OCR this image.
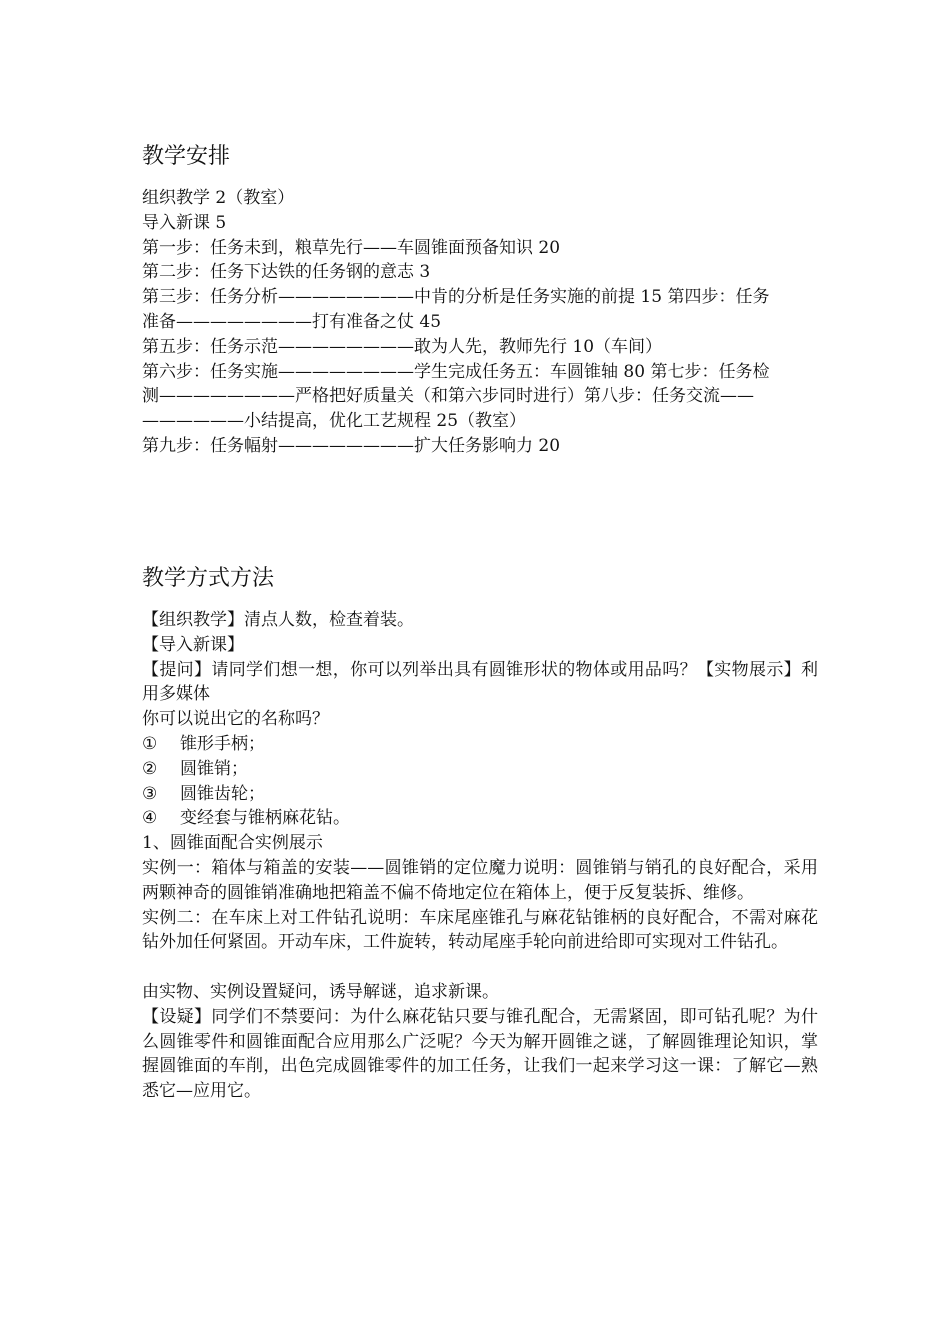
教学安排
组织教学 2（教室）
导入新课 5
第一步：任务未到，粮草先行——车圆锥面预备知识 20
第二步：任务下达铁的任务钢的意志 3
第三步：任务分析————————中肯的分析是任务实施的前提 15 第四步：任务
准备————————打有准备之仗 45
第五步：任务示范————————敢为人先，教师先行 10（车间）
第六步：任务实施————————学生完成任务五：车圆锥轴 80 第七步：任务检
测————————严格把好质量关（和第六步同时进行）第八步：任务交流——
——————小结提高，优化工艺规程 25（教室）
第九步：任务幅射————————扩大任务影响力 20
教学方式方法
【组织教学】清点人数，检查着装。
【导入新课】
【提问】请同学们想一想，你可以列举出具有圆锥形状的物体或用品吗？【实物展示】利用多媒体
你可以说出它的名称吗？
① 锥形手柄；
② 圆锥销；
③ 圆锥齿轮；
④ 变经套与锥柄麻花钻。
1、圆锥面配合实例展示
实例一：箱体与箱盖的安装——圆锥销的定位魔力说明：圆锥销与销孔的良好配合，采用两颗神奇的圆锥销准确地把箱盖不偏不倚地定位在箱体上，便于反复装拆、维修。
实例二：在车床上对工件钻孔说明：车床尾座锥孔与麻花钻锥柄的良好配合，不需对麻花钻外加任何紧固。开动车床，工件旋转，转动尾座手轮向前进给即可实现对工件钻孔。
由实物、实例设置疑问，诱导解谜，追求新课。
【设疑】同学们不禁要问：为什么麻花钻只要与锥孔配合，无需紧固，即可钻孔呢？为什么圆锥零件和圆锥面配合应用那么广泛呢？今天为解开圆锥之谜，了解圆锥理论知识，掌握圆锥面的车削，出色完成圆锥零件的加工任务，让我们一起来学习这一课：了解它—熟悉它—应用它。
